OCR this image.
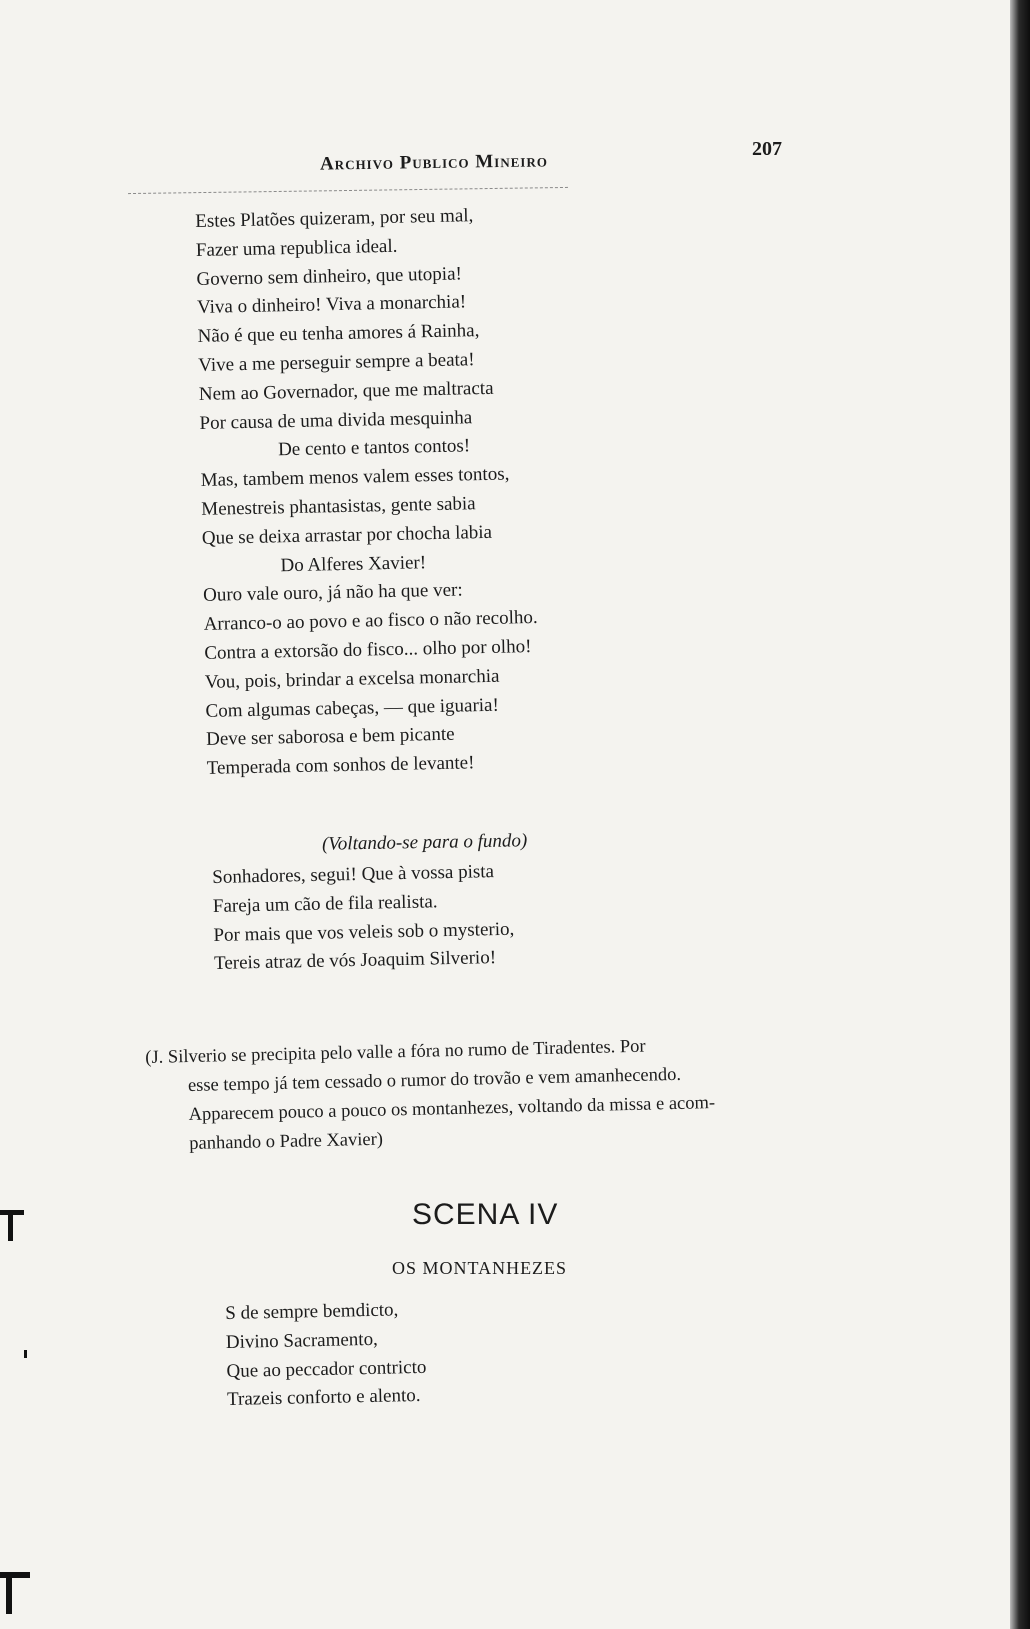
Archivo Publico Mineiro
207
Estes Platões quizeram, por seu mal,
Fazer uma republica ideal.
Governo sem dinheiro, que utopia!
Viva o dinheiro! Viva a monarchia!
Não é que eu tenha amores á Rainha,
Vive a me perseguir sempre a beata!
Nem ao Governador, que me maltracta
Por causa de uma divida mesquinha
De cento e tantos contos!
Mas, tambem menos valem esses tontos,
Menestreis phantasistas, gente sabia
Que se deixa arrastar por chocha labia
Do Alferes Xavier!
Ouro vale ouro, já não ha que ver:
Arranco-o ao povo e ao fisco o não recolho.
Contra a extorsão do fisco... olho por olho!
Vou, pois, brindar a excelsa monarchia
Com algumas cabeças, — que iguaria!
Deve ser saborosa e bem picante
Temperada com sonhos de levante!
(Voltando-se para o fundo)
Sonhadores, segui! Que à vossa pista
Fareja um cão de fila realista.
Por mais que vos veleis sob o mysterio,
Tereis atraz de vós Joaquim Silverio!
(J. Silverio se precipita pelo valle a fóra no rumo de Tiradentes. Por
esse tempo já tem cessado o rumor do trovão e vem amanhecendo.
Apparecem pouco a pouco os montanhezes, voltando da missa e acom-
panhando o Padre Xavier)
SCENA IV
OS MONTANHEZES
S de sempre bemdicto,
Divino Sacramento,
Que ao peccador contricto
Trazeis conforto e alento.
